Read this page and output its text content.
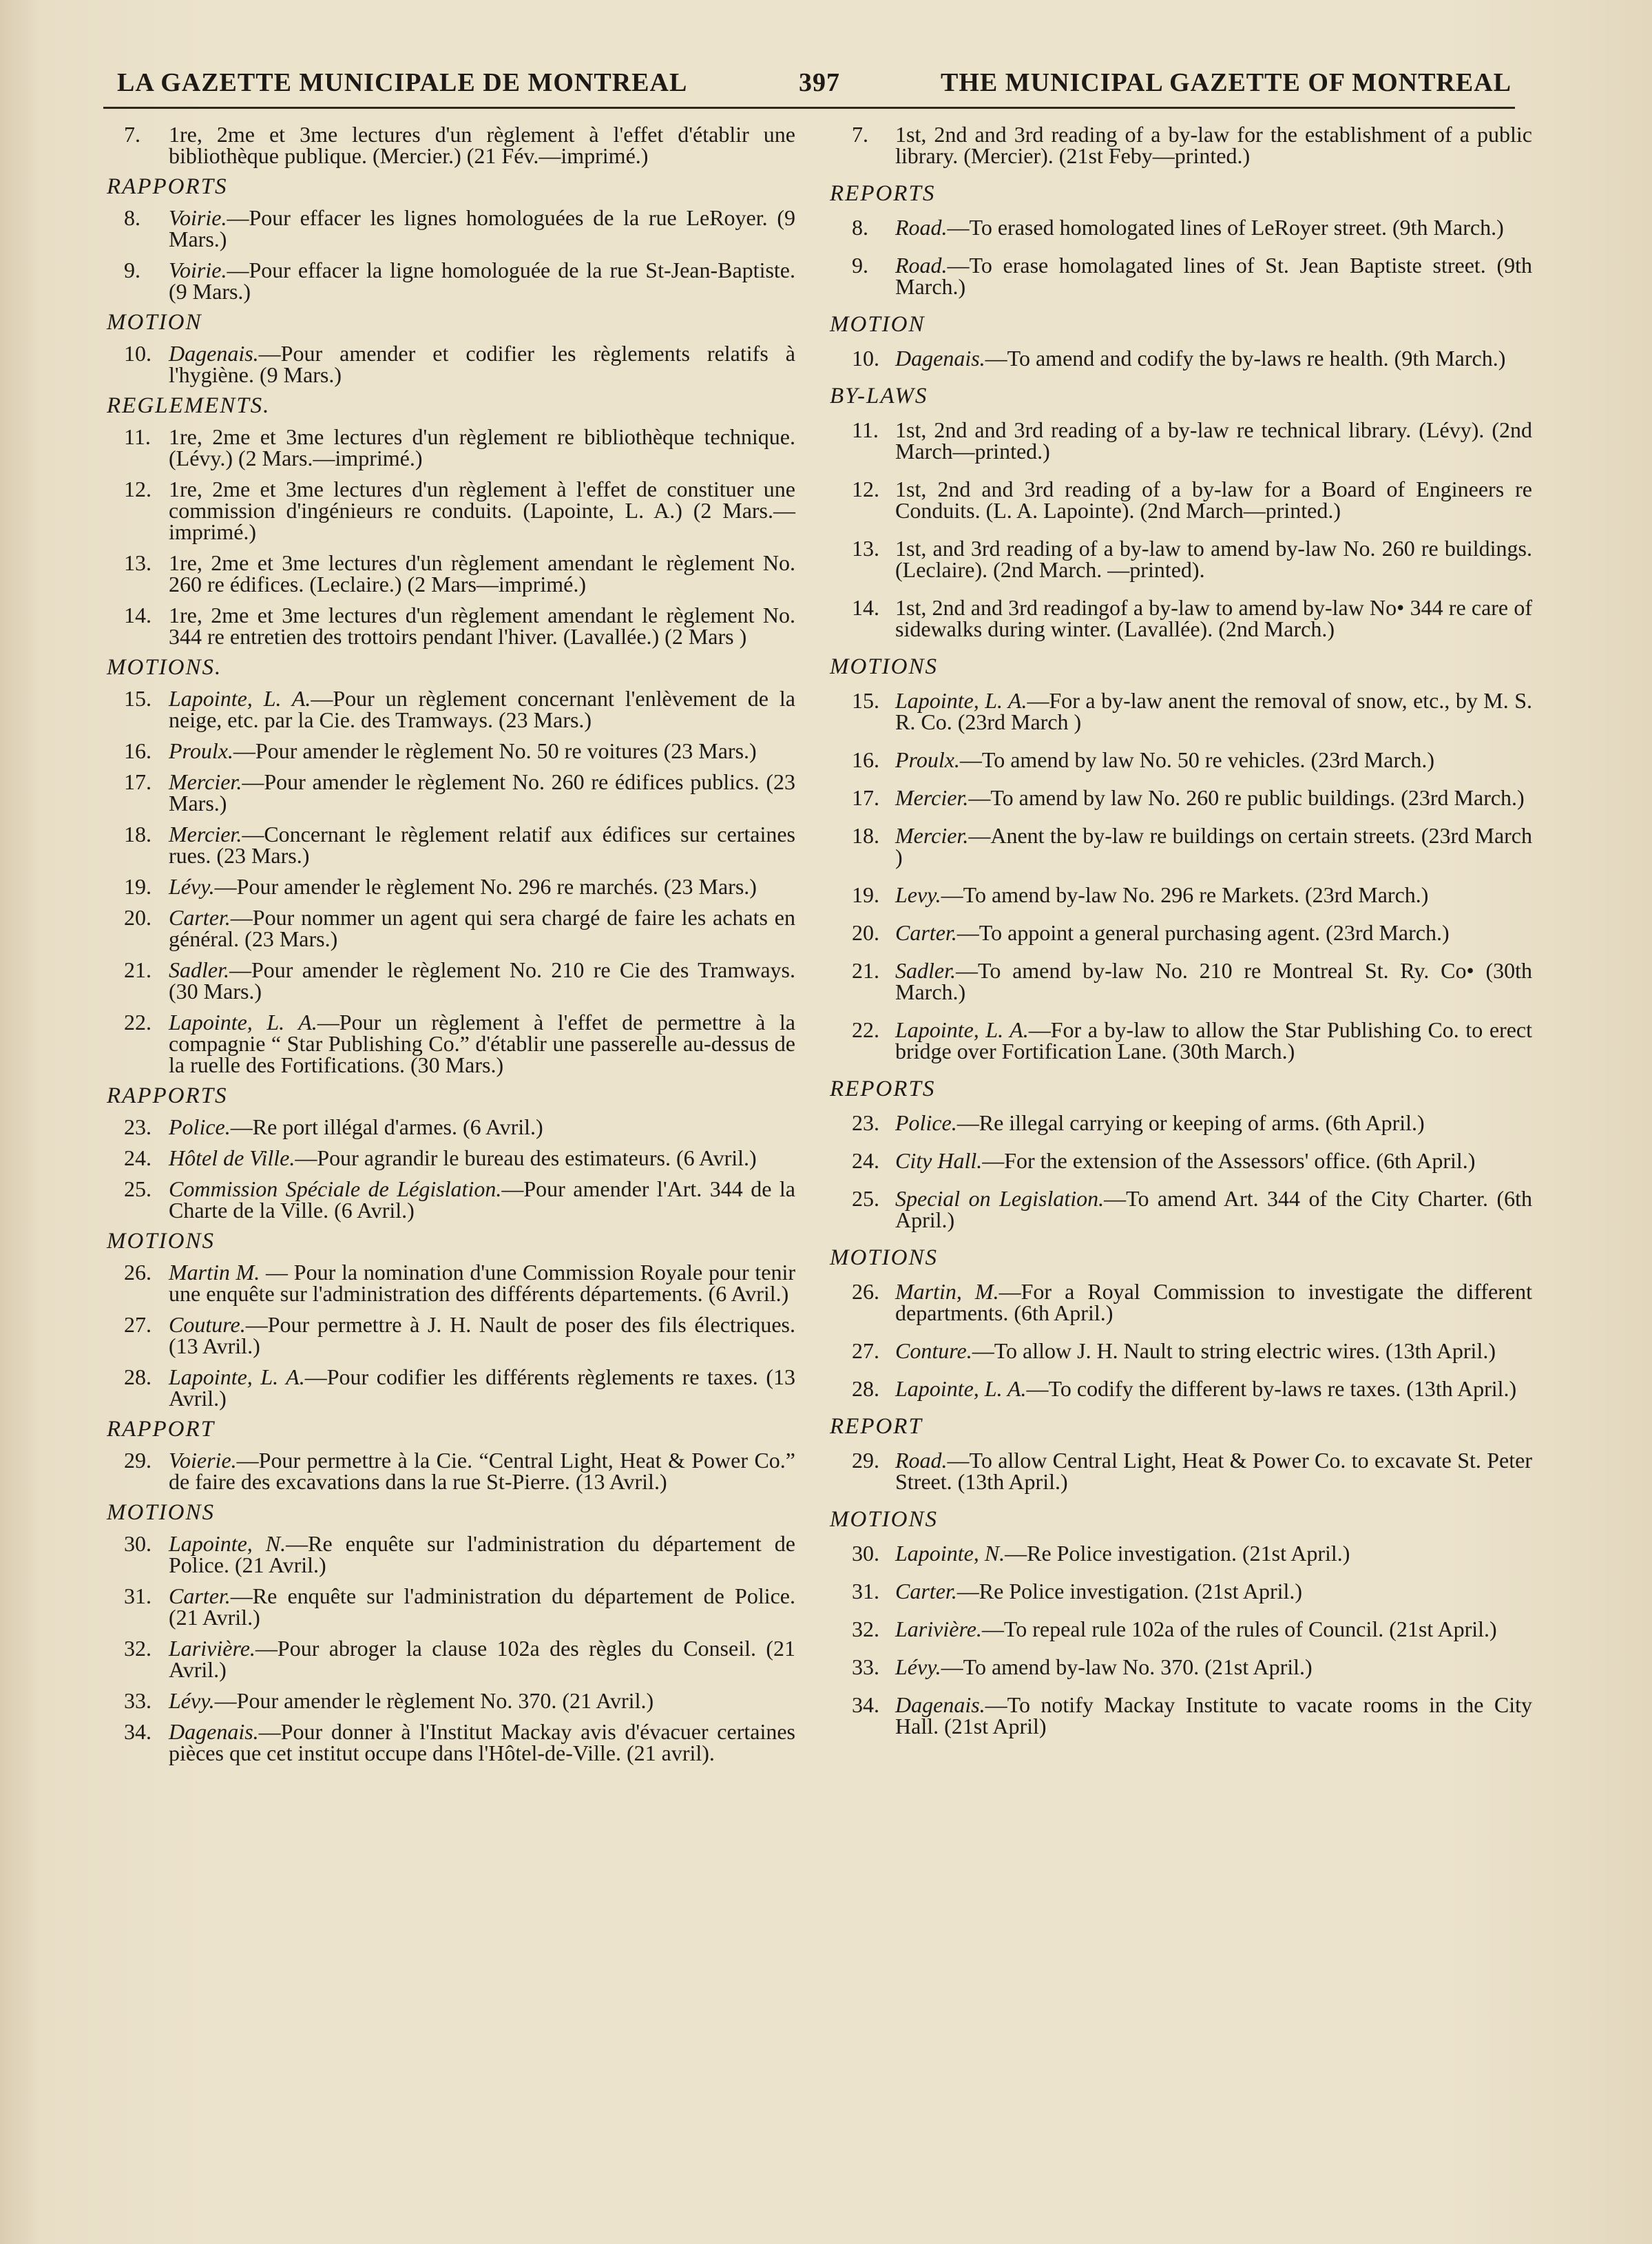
LA GAZETTE MUNICIPALE DE MONTREAL	397	THE MUNICIPAL GAZETTE OF MONTREAL
7.	1re, 2me et 3me lectures d'un règlement à l'effet d'établir une bibliothèque publique. (Mercier.) (21 Fév.—imprimé.)
RAPPORTS
8.	Voirie.—Pour effacer les lignes homologuées de la rue LeRoyer. (9 Mars.)
9.	Voirie.—Pour effacer la ligne homologuée de la rue St-Jean-Baptiste. (9 Mars.)
MOTION
10. Dagenais.—Pour amender et codifier les règlements relatifs à l'hygiène. (9 Mars.)
REGLEMENTS.
11. 1re, 2me et 3me lectures d'un règlement re bibliothèque technique. (Lévy.) (2 Mars.—imprimé.)
12. 1re, 2me et 3me lectures d'un règlement à l'effet de constituer une commission d'ingénieurs re conduits. (Lapointe, L. A.) (2 Mars.—imprimé.)
13. 1re, 2me et 3me lectures d'un règlement amendant le règlement No. 260 re édifices. (Leclaire.) (2 Mars—imprimé.)
14. 1re, 2me et 3me lectures d'un règlement amendant le règlement No. 344 re entretien des trottoirs pendant l'hiver. (Lavallée.) (2 Mars )
MOTIONS.
15. Lapointe, L. A.—Pour un règlement concernant l'enlèvement de la neige, etc. par la Cie. des Tramways. (23 Mars.)
16. Proulx.—Pour amender le règlement No. 50 re voitures (23 Mars.)
17. Mercier.—Pour amender le règlement No. 260 re édifices publics. (23 Mars.)
18. Mercier.—Concernant le règlement relatif aux édifices sur certaines rues. (23 Mars.)
19. Lévy.—Pour amender le règlement No. 296 re marchés. (23 Mars.)
20. Carter.—Pour nommer un agent qui sera chargé de faire les achats en général. (23 Mars.)
21. Sadler.—Pour amender le règlement No. 210 re Cie des Tramways. (30 Mars.)
22. Lapointe, L. A.—Pour un règlement à l'effet de permettre à la compagnie “ Star Publishing Co.” d'établir une passerelle au-dessus de la ruelle des Fortifications. (30 Mars.)
RAPPORTS
23. Police.—Re port illégal d'armes. (6 Avril.)
24. Hôtel de Ville.—Pour agrandir le bureau des estimateurs. (6 Avril.)
25. Commission Spéciale de Législation.—Pour amender l'Art. 344 de la Charte de la Ville. (6 Avril.)
MOTIONS
26. Martin M. — Pour la nomination d'une Commission Royale pour tenir une enquête sur l'administration des différents départements. (6 Avril.)
27. Couture.—Pour permettre à J. H. Nault de poser des fils électriques. (13 Avril.)
28. Lapointe, L. A.—Pour codifier les différents règlements re taxes. (13 Avril.)
RAPPORT
29. Voierie.—Pour permettre à la Cie. “Central Light, Heat & Power Co.” de faire des excavations dans la rue St-Pierre. (13 Avril.)
MOTIONS
30. Lapointe, N.—Re enquête sur l'administration du département de Police. (21 Avril.)
31. Carter.—Re enquête sur l'administration du département de Police. (21 Avril.)
32. Larivière.—Pour abroger la clause 102a des règles du Conseil. (21 Avril.)
33. Lévy.—Pour amender le règlement No. 370. (21 Avril.)
34. Dagenais.—Pour donner à l'Institut Mackay avis d'évacuer certaines pièces que cet institut occupe dans l'Hôtel-de-Ville. (21 avril).
7.	1st, 2nd and 3rd reading of a by-law for the establishment of a public library. (Mercier). (21st Feby—printed.)
REPORTS
8.	Road.—To erased homologated lines of LeRoyer street. (9th March.)
9.	Road.—To erase homolagated lines of St. Jean Baptiste street. (9th March.)
MOTION
10. Dagenais.—To amend and codify the by-laws re health. (9th March.)
BY-LAWS
11. 1st, 2nd and 3rd reading of a by-law re technical library. (Lévy). (2nd March—printed.)
12. 1st, 2nd and 3rd reading of a by-law for a Board of Engineers re Conduits. (L. A. Lapointe). (2nd March—printed.)
13. 1st, and 3rd reading of a by-law to amend by-law No. 260 re buildings. (Leclaire). (2nd March. —printed).
14. 1st, 2nd and 3rd readingof a by-law to amend by-law No• 344 re care of sidewalks during winter. (Lavallée). (2nd March.)
MOTIONS
15. Lapointe, L. A.—For a by-law anent the removal of snow, etc., by M. S. R. Co. (23rd March )
16. Proulx.—To amend by law No. 50 re vehicles. (23rd March.)
17. Mercier.—To amend by law No. 260 re public buildings. (23rd March.)
18. Mercier.—Anent the by-law re buildings on certain streets. (23rd March )
19. Levy.—To amend by-law No. 296 re Markets. (23rd March.)
20. Carter.—To appoint a general purchasing agent. (23rd March.)
21. Sadler.—To amend by-law No. 210 re Montreal St. Ry. Co• (30th March.)
22. Lapointe, L. A.—For a by-law to allow the Star Publishing Co. to erect bridge over Fortification Lane. (30th March.)
REPORTS
23. Police.—Re illegal carrying or keeping of arms. (6th April.)
24. City Hall.—For the extension of the Assessors' office. (6th April.)
25. Special on Legislation.—To amend Art. 344 of the City Charter. (6th April.)
MOTIONS
26. Martin, M.—For a Royal Commission to investigate the different departments. (6th April.)
27. Conture.—To allow J. H. Nault to string electric wires. (13th April.)
28. Lapointe, L. A.—To codify the different by-laws re taxes. (13th April.)
REPORT
29. Road.—To allow Central Light, Heat & Power Co. to excavate St. Peter Street. (13th April.)
MOTIONS
30. Lapointe, N.—Re Police investigation. (21st April.)
31. Carter.—Re Police investigation. (21st April.)
32. Larivière.—To repeal rule 102a of the rules of Council. (21st April.)
33. Lévy.—To amend by-law No. 370. (21st April.)
34. Dagenais.—To notify Mackay Institute to vacate rooms in the City Hall. (21st April)
